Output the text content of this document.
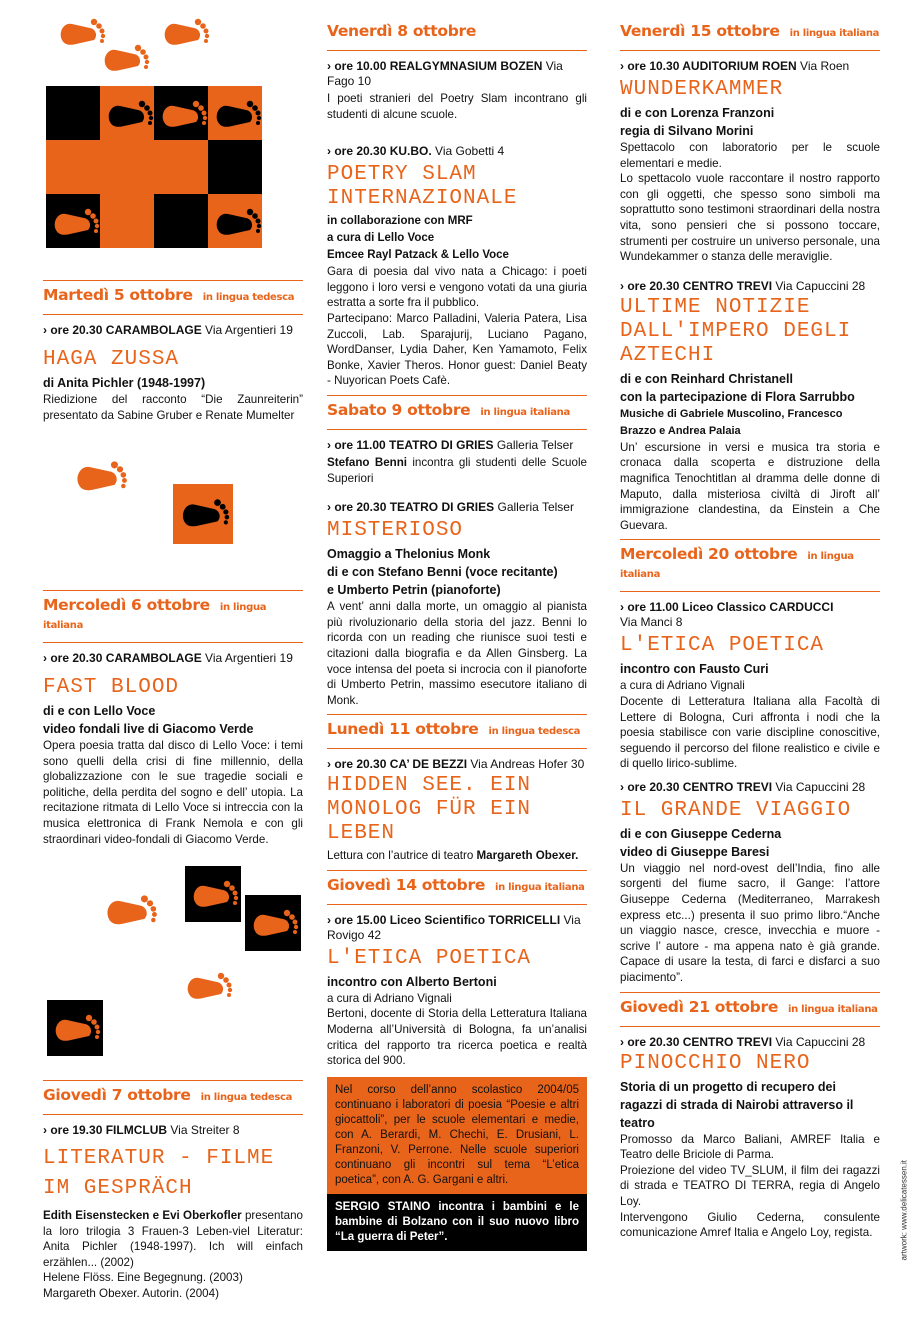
Martedì 5 ottobre in lingua tedesca

› ore 20.30 CARAMBOLAGE Via Argentieri 19

HAGA ZUSSA

di Anita Pichler (1948-1997)

Riedizione del racconto “Die Zaunreiterin” presentato da Sabine Gruber e Renate Mumelter

Mercoledì 6 ottobre in lingua italiana

› ore 20.30 CARAMBOLAGE Via Argentieri 19

FAST BLOOD

di e con Lello Voce

video fondali live di Giacomo Verde

Opera poesia tratta dal disco di Lello Voce: i temi sono quelli della crisi di fine millennio, della globalizzazione con le sue tragedie sociali e politiche, della perdita del sogno e dell’ utopia. La recitazione ritmata di Lello Voce si intreccia con la musica elettronica di Frank Nemola e con gli straordinari video-fondali di Giacomo Verde.

Giovedì 7 ottobre in lingua tedesca

› ore 19.30 FILMCLUB Via Streiter 8

LITERATUR - FILME IM GESPRÄCH

Edith Eisenstecken e Evi Oberkofler presentano la loro trilogia 3 Frauen-3 Leben-viel Literatur: Anita Pichler (1948-1997). Ich will einfach erzählen... (2002)

Helene Flöss. Eine Begegnung. (2003)

Margareth Obexer. Autorin. (2004)

Venerdì 8 ottobre

› ore 10.00 REALGYMNASIUM BOZEN Via Fago 10

I poeti stranieri del Poetry Slam incontrano gli studenti di alcune scuole.

› ore 20.30 KU.BO. Via Gobetti 4

POETRY SLAM INTERNAZIONALE

in collaborazione con MRF

a cura di Lello Voce

Emcee Rayl Patzack & Lello Voce

Gara di poesia dal vivo nata a Chicago: i poeti leggono i loro versi e vengono votati da una giuria estratta a sorte fra il pubblico.

Partecipano: Marco Palladini, Valeria Patera, Lisa Zuccoli, Lab. Sparajurij, Luciano Pagano, WordDanser, Lydia Daher, Ken Yamamoto, Felix Bonke, Xavier Theros. Honor guest: Daniel Beaty - Nuyorican Poets Cafè.

Sabato 9 ottobre in lingua italiana

› ore 11.00 TEATRO DI GRIES Galleria Telser

Stefano Benni incontra gli studenti delle Scuole Superiori

› ore 20.30 TEATRO DI GRIES Galleria Telser

MISTERIOSO

Omaggio a Thelonius Monk

di e con Stefano Benni (voce recitante)

e Umberto Petrin (pianoforte)

A vent’ anni dalla morte, un omaggio al pianista più rivoluzionario della storia del jazz. Benni lo ricorda con un reading che riunisce suoi testi e citazioni dalla biografia e da Allen Ginsberg. La voce intensa del poeta si incrocia con il pianoforte di Umberto Petrin, massimo esecutore italiano di Monk.

Lunedì 11 ottobre in lingua tedesca

› ore 20.30 CA’ DE BEZZI Via Andreas Hofer 30

HIDDEN SEE. EIN MONOLOG FÜR EIN LEBEN

Lettura con l’autrice di teatro Margareth Obexer.

Giovedì 14 ottobre in lingua italiana

› ore 15.00 Liceo Scientifico TORRICELLI Via Rovigo 42

L'ETICA POETICA

incontro con Alberto Bertoni

a cura di Adriano Vignali

Bertoni, docente di Storia della Letteratura Italiana Moderna all’Università di Bologna, fa un’analisi critica del rapporto tra ricerca poetica e realtà storica del 900.

Nel corso dell’anno scolastico 2004/05 continuano i laboratori di poesia “Poesie e altri giocattoli”, per le scuole elementari e medie, con A. Berardi, M. Chechi, E. Drusiani, L. Franzoni, V. Perrone. Nelle scuole superiori continuano gli incontri sul tema “L’etica poetica”, con A. G. Gargani e altri.
SERGIO STAINO incontra i bambini e le bambine di Bolzano con il suo nuovo libro “La guerra di Peter”.
Venerdì 15 ottobre in lingua italiana

› ore 10.30 AUDITORIUM ROEN Via Roen

WUNDERKAMMER

di e con Lorenza Franzoni

regia di Silvano Morini

Spettacolo con laboratorio per le scuole elementari e medie.

Lo spettacolo vuole raccontare il nostro rapporto con gli oggetti, che spesso sono simboli ma soprattutto sono testimoni straordinari della nostra vita, sono pensieri che si possono toccare, strumenti per costruire un universo personale, una Wundekammer o stanza delle meraviglie.

› ore 20.30 CENTRO TREVI Via Capuccini 28

ULTIME NOTIZIE DALL'IMPERO DEGLI AZTECHI

di e con Reinhard Christanell

con la partecipazione di Flora Sarrubbo

Musiche di Gabriele Muscolino, Francesco Brazzo e Andrea Palaia

Un’ escursione in versi e musica tra storia e cronaca dalla scoperta e distruzione della magnifica Tenochtitlan al dramma delle donne di Maputo, dalla misteriosa civiltà di Jiroft all’ immigrazione clandestina, da Einstein a Che Guevara.

Mercoledì 20 ottobre in lingua italiana

› ore 11.00 Liceo Classico CARDUCCI
Via Manci 8

L'ETICA POETICA

incontro con Fausto Curi

a cura di Adriano Vignali

Docente di Letteratura Italiana alla Facoltà di Lettere di Bologna, Curi affronta i nodi che la poesia stabilisce con varie discipline conoscitive, seguendo il percorso del filone realistico e civile e di quello lirico-sublime.

› ore 20.30 CENTRO TREVI Via Capuccini 28

IL GRANDE VIAGGIO

di e con Giuseppe Cederna

video di Giuseppe Baresi

Un viaggio nel nord-ovest dell’India, fino alle sorgenti del fiume sacro, il Gange: l’attore Giuseppe Cederna (Mediterraneo, Marrakesh express etc...) presenta il suo primo libro.“Anche un viaggio nasce, cresce, invecchia e muore - scrive l’ autore - ma appena nato è già grande. Capace di usare la testa, di farci e disfarci a suo piacimento”.

Giovedì 21 ottobre in lingua italiana

› ore 20.30 CENTRO TREVI Via Capuccini 28

PINOCCHIO NERO

Storia di un progetto di recupero dei ragazzi di strada di Nairobi attraverso il teatro

Promosso da Marco Baliani, AMREF Italia e Teatro delle Briciole di Parma.

Proiezione del video TV_SLUM, il film dei ragazzi di strada e TEATRO DI TERRA, regia di Angelo Loy.

Intervengono Giulio Cederna, consulente comunicazione Amref Italia e Angelo Loy, regista.	artwork: www.delicatessen.it
